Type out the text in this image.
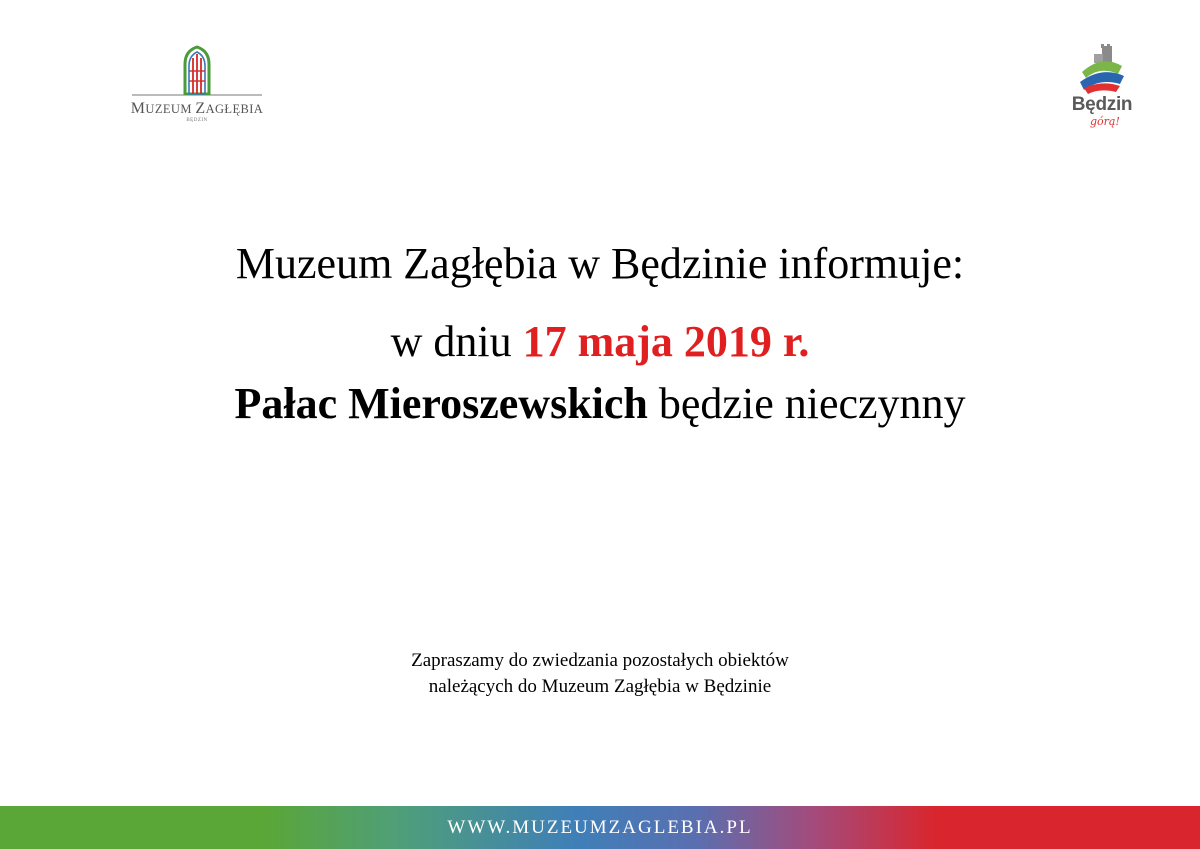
MUZEUM ZAGŁĘBIA
BĘDZIN
Będzin
górą!
Muzeum Zagłębia w Będzinie informuje:
w dniu 17 maja 2019 r.
Pałac Mieroszewskich będzie nieczynny
Zapraszamy do zwiedzania pozostałych obiektów
należących do Muzeum Zagłębia w Będzinie
WWW.MUZEUMZAGLEBIA.PL
